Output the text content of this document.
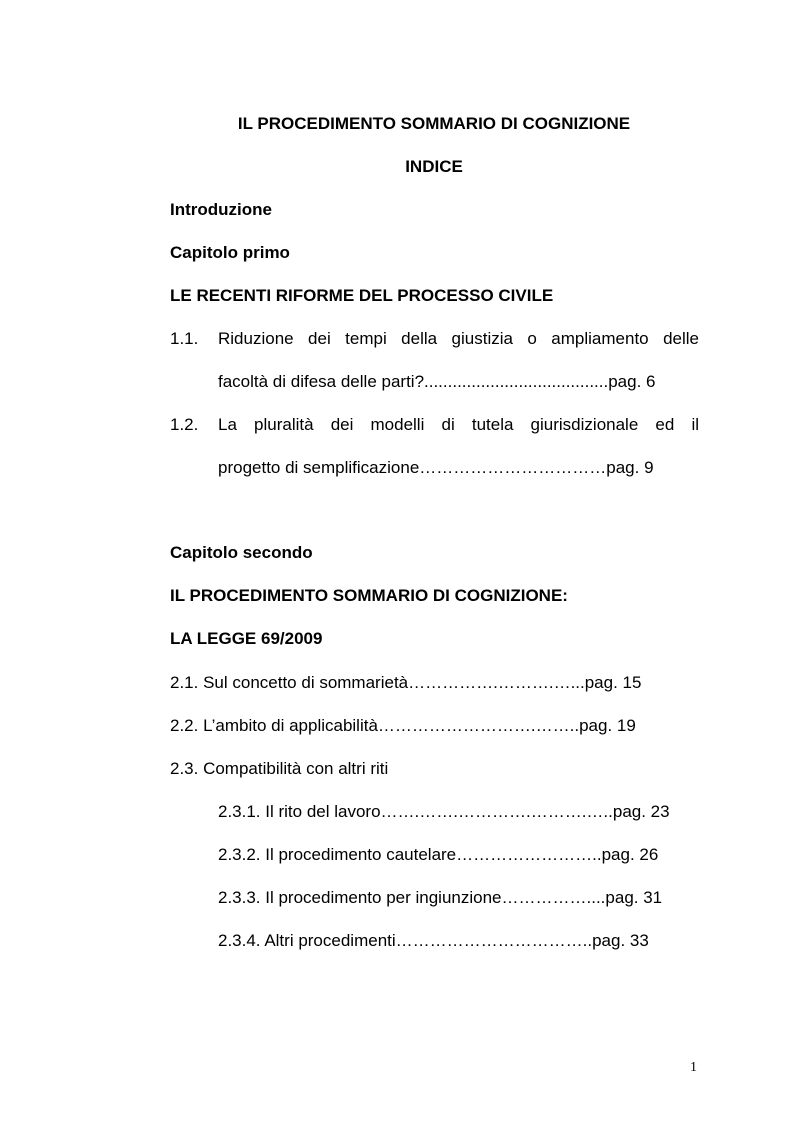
IL PROCEDIMENTO SOMMARIO DI COGNIZIONE
INDICE
Introduzione
Capitolo primo
LE RECENTI RIFORME DEL PROCESSO CIVILE
1.1. Riduzione dei tempi della giustizia o ampliamento delle
facoltà di difesa delle parti?.......................................pag. 6
1.2. La pluralità dei modelli di tutela giurisdizionale ed il
progetto di semplificazione……………………………pag. 9
Capitolo secondo
IL PROCEDIMENTO SOMMARIO DI COGNIZIONE:
LA LEGGE 69/2009
2.1. Sul concetto di sommarietà…………….……….…...pag. 15
2.2. L’ambito di applicabilità……………………….……..pag. 19
2.3. Compatibilità con altri riti
2.3.1. Il rito del lavoro…….…….………….……….…..pag. 23
2.3.2. Il procedimento cautelare……………………..pag. 26
2.3.3. Il procedimento per ingiunzione……………....pag. 31
2.3.4. Altri procedimenti……………………………..pag. 33
1
